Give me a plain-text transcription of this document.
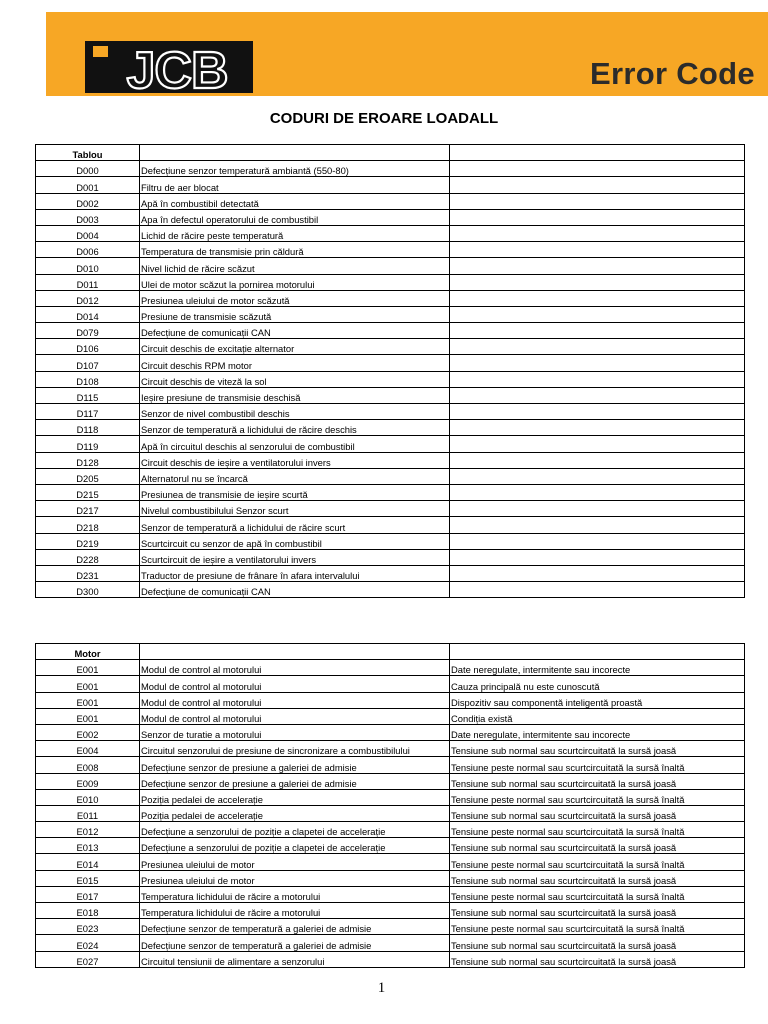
JCB	Error Code
CODURI DE EROARE LOADALL
Tablou		
D000	Defecțiune senzor temperatură ambiantă (550-80)	
D001	Filtru de aer blocat	
D002	Apă în combustibil detectată	
D003	Apa în defectul operatorului de combustibil	
D004	Lichid de răcire peste temperatură	
D006	Temperatura de transmisie prin căldură	
D010	Nivel lichid de răcire scăzut	
D011	Ulei de motor scăzut la pornirea motorului	
D012	Presiunea uleiului de motor scăzută	
D014	Presiune de transmisie scăzută	
D079	Defecțiune de comunicații CAN	
D106	Circuit deschis de excitație alternator	
D107	Circuit deschis RPM motor	
D108	Circuit deschis de viteză la sol	
D115	Ieșire presiune de transmisie deschisă	
D117	Senzor de nivel combustibil deschis	
D118	Senzor de temperatură a lichidului de răcire deschis	
D119	Apă în circuitul deschis al senzorului de combustibil	
D128	Circuit deschis de ieșire a ventilatorului invers	
D205	Alternatorul nu se încarcă	
D215	Presiunea de transmisie de ieșire scurtă	
D217	Nivelul combustibilului Senzor scurt	
D218	Senzor de temperatură a lichidului de răcire scurt	
D219	Scurtcircuit cu senzor de apă în combustibil	
D228	Scurtcircuit de ieșire a ventilatorului invers	
D231	Traductor de presiune de frânare în afara intervalului	
D300	Defecțiune de comunicații CAN	
Motor		
E001	Modul de control al motorului	Date neregulate, intermitente sau incorecte
E001	Modul de control al motorului	Cauza principală nu este cunoscută
E001	Modul de control al motorului	Dispozitiv sau componentă inteligentă proastă
E001	Modul de control al motorului	Condiția există
E002	Senzor de turatie a motorului	Date neregulate, intermitente sau incorecte
E004	Circuitul senzorului de presiune de sincronizare a combustibilului	Tensiune sub normal sau scurtcircuitată la sursă joasă
E008	Defecțiune senzor de presiune a galeriei de admisie	Tensiune peste normal sau scurtcircuitată la sursă înaltă
E009	Defecțiune senzor de presiune a galeriei de admisie	Tensiune sub normal sau scurtcircuitată la sursă joasă
E010	Poziția pedalei de accelerație	Tensiune peste normal sau scurtcircuitată la sursă înaltă
E011	Poziția pedalei de accelerație	Tensiune sub normal sau scurtcircuitată la sursă joasă
E012	Defecțiune a senzorului de poziție a clapetei de accelerație	Tensiune peste normal sau scurtcircuitată la sursă înaltă
E013	Defecțiune a senzorului de poziție a clapetei de accelerație	Tensiune sub normal sau scurtcircuitată la sursă joasă
E014	Presiunea uleiului de motor	Tensiune peste normal sau scurtcircuitată la sursă înaltă
E015	Presiunea uleiului de motor	Tensiune sub normal sau scurtcircuitată la sursă joasă
E017	Temperatura lichidului de răcire a motorului	Tensiune peste normal sau scurtcircuitată la sursă înaltă
E018	Temperatura lichidului de răcire a motorului	Tensiune sub normal sau scurtcircuitată la sursă joasă
E023	Defecțiune senzor de temperatură a galeriei de admisie	Tensiune peste normal sau scurtcircuitată la sursă înaltă
E024	Defecțiune senzor de temperatură a galeriei de admisie	Tensiune sub normal sau scurtcircuitată la sursă joasă
E027	Circuitul tensiunii de alimentare a senzorului	Tensiune sub normal sau scurtcircuitată la sursă joasă
1
